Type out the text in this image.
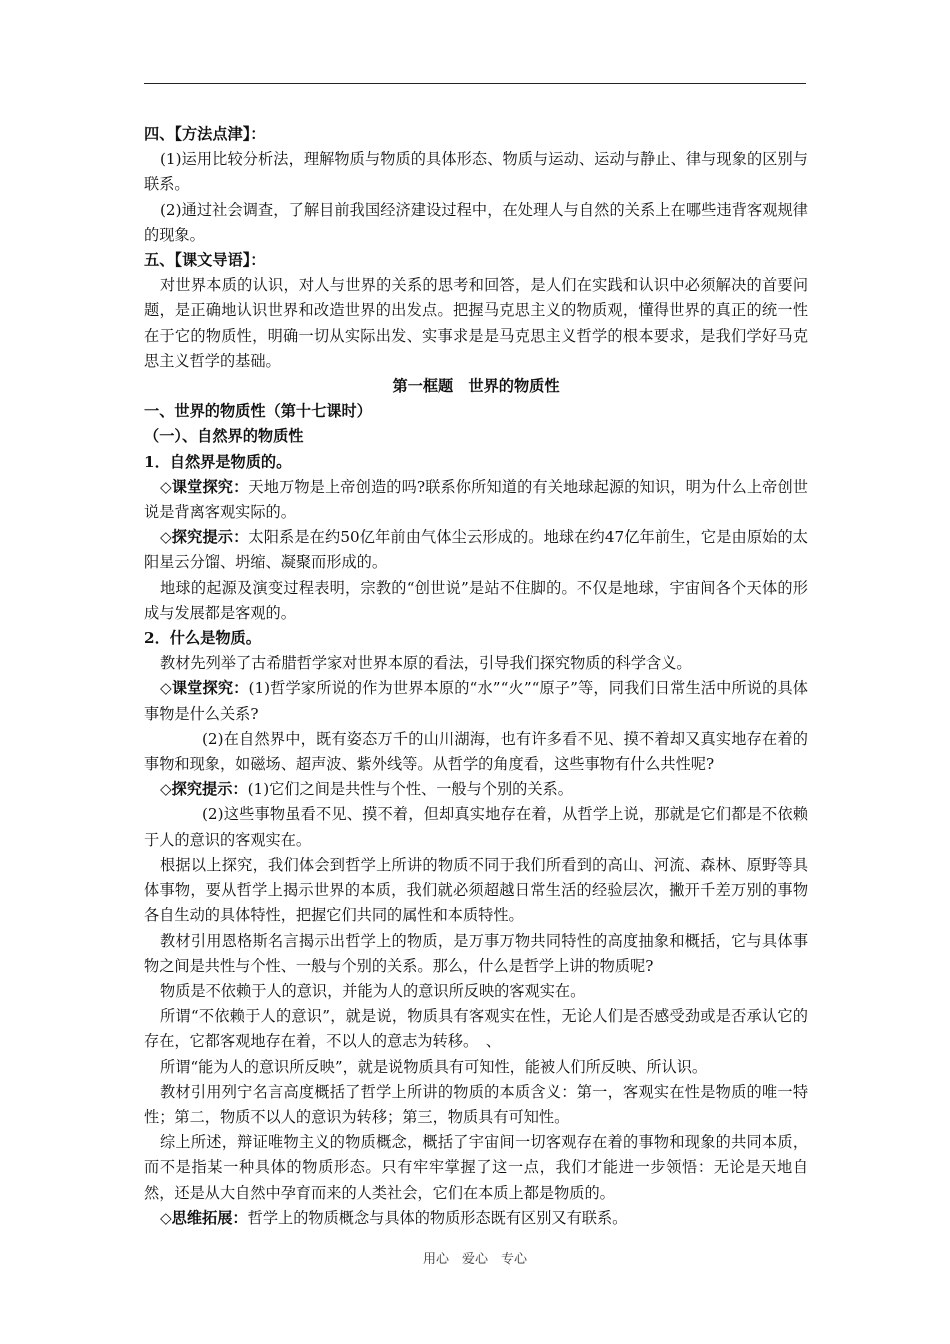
四、【方法点津】：

(1)运用比较分析法，理解物质与物质的具体形态、物质与运动、运动与静止、律与现象的区别与联系。

(2)通过社会调查，了解目前我国经济建设过程中，在处理人与自然的关系上在哪些违背客观规律的现象。

五、【课文导语】：

对世界本质的认识，对人与世界的关系的思考和回答，是人们在实践和认识中必须解决的首要问题，是正确地认识世界和改造世界的出发点。把握马克思主义的物质观，懂得世界的真正的统一性在于它的物质性，明确一切从实际出发、实事求是是马克思主义哲学的根本要求，是我们学好马克思主义哲学的基础。

第一框题　世界的物质性

一、世界的物质性（第十七课时）

（一）、自然界的物质性

1．自然界是物质的。

◇课堂探究：天地万物是上帝创造的吗?联系你所知道的有关地球起源的知识，明为什么上帝创世说是背离客观实际的。

◇探究提示：太阳系是在约50亿年前由气体尘云形成的。地球在约47亿年前生，它是由原始的太阳星云分馏、坍缩、凝聚而形成的。

地球的起源及演变过程表明，宗教的“创世说”是站不住脚的。不仅是地球，宇宙间各个天体的形成与发展都是客观的。

2．什么是物质。

教材先列举了古希腊哲学家对世界本原的看法，引导我们探究物质的科学含义。

◇课堂探究：(1)哲学家所说的作为世界本原的“水”“火”“原子”等，同我们日常生活中所说的具体事物是什么关系?

(2)在自然界中，既有姿态万千的山川湖海，也有许多看不见、摸不着却又真实地存在着的事物和现象，如磁场、超声波、紫外线等。从哲学的角度看，这些事物有什么共性呢?

◇探究提示：(1)它们之间是共性与个性、一般与个别的关系。

(2)这些事物虽看不见、摸不着，但却真实地存在着，从哲学上说，那就是它们都是不依赖于人的意识的客观实在。

根据以上探究，我们体会到哲学上所讲的物质不同于我们所看到的高山、河流、森林、原野等具体事物，要从哲学上揭示世界的本质，我们就必须超越日常生活的经验层次，撇开千差万别的事物各自生动的具体特性，把握它们共同的属性和本质特性。

教材引用恩格斯名言揭示出哲学上的物质，是万事万物共同特性的高度抽象和概括，它与具体事物之间是共性与个性、一般与个别的关系。那么，什么是哲学上讲的物质呢?

物质是不依赖于人的意识，并能为人的意识所反映的客观实在。

所谓“不依赖于人的意识”，就是说，物质具有客观实在性，无论人们是否感受劲或是否承认它的存在，它都客观地存在着，不以人的意志为转移。　、

所谓“能为人的意识所反映”，就是说物质具有可知性，能被人们所反映、所认识。

教材引用列宁名言高度概括了哲学上所讲的物质的本质含义：第一，客观实在性是物质的唯一特性；第二，物质不以人的意识为转移；第三，物质具有可知性。

综上所述，辩证唯物主义的物质概念，概括了宇宙间一切客观存在着的事物和现象的共同本质，而不是指某一种具体的物质形态。只有牢牢掌握了这一点，我们才能进一步领悟：无论是天地自然，还是从大自然中孕育而来的人类社会，它们在本质上都是物质的。

◇思维拓展：哲学上的物质概念与具体的物质形态既有区别又有联系。

用心　爱心　专心
